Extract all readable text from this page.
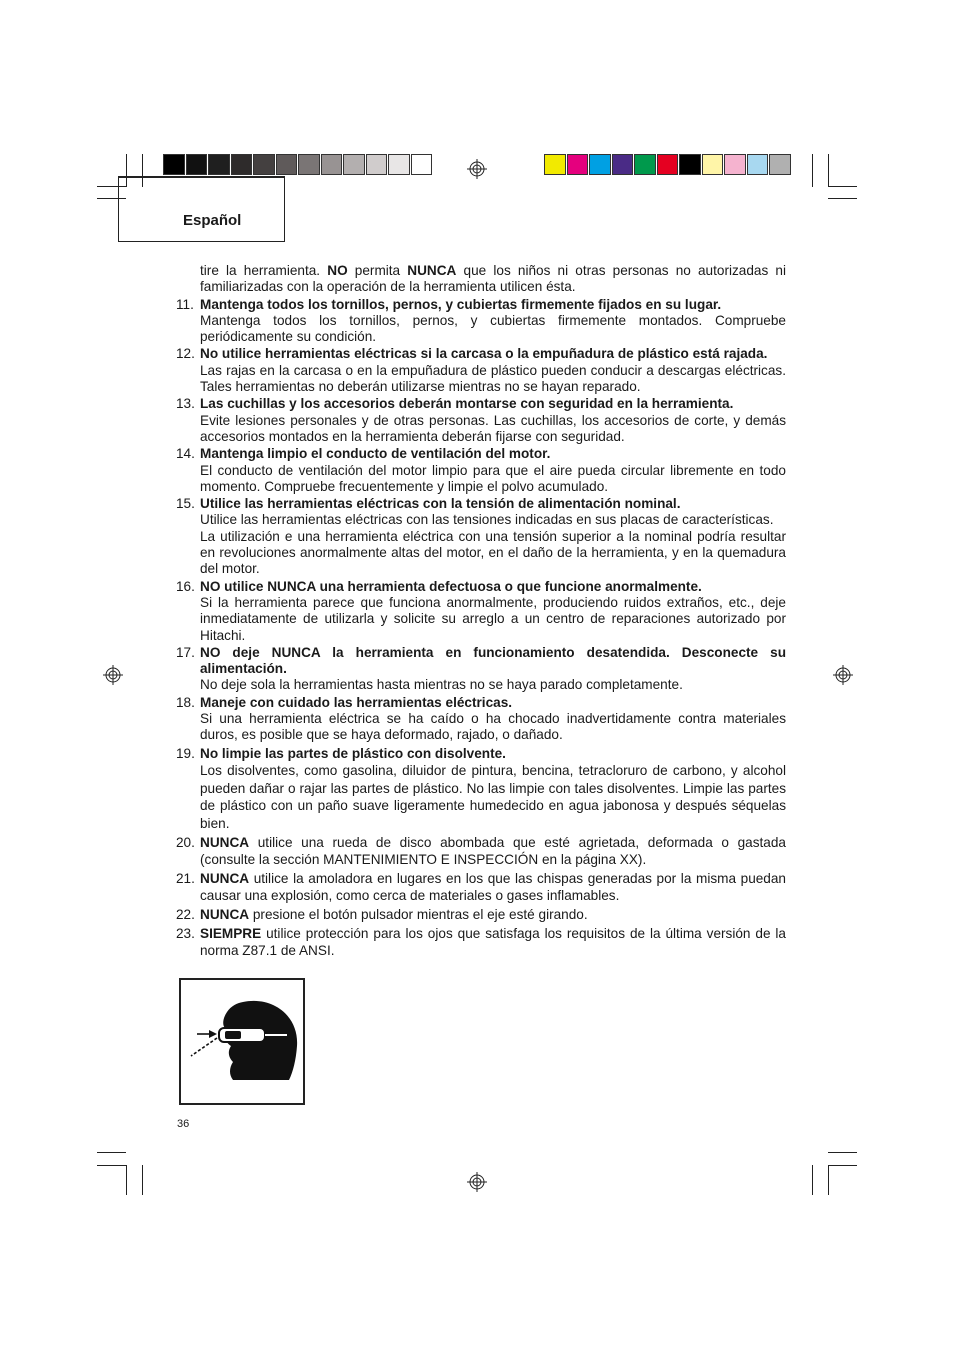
Español
tire la herramienta. NO permita NUNCA que los niños ni otras personas no autorizadas ni familiarizadas con la operación de la herramienta utilicen ésta.
11. Mantenga todos los tornillos, pernos, y cubiertas firmemente fijados en su lugar.
Mantenga todos los tornillos, pernos, y cubiertas firmemente montados. Compruebe periódicamente su condición.
12. No utilice herramientas eléctricas si la carcasa o la empuñadura de plástico está rajada.
Las rajas en la carcasa o en la empuñadura de plástico pueden conducir a descargas eléctricas. Tales herramientas no deberán utilizarse mientras no se hayan reparado.
13. Las cuchillas y los accesorios deberán montarse con seguridad en la herramienta.
Evite lesiones personales y de otras personas. Las cuchillas, los accesorios de corte, y demás accesorios montados en la herramienta deberán fijarse con seguridad.
14. Mantenga limpio el conducto de ventilación del motor.
El conducto de ventilación del motor limpio para que el aire pueda circular libremente en todo momento. Compruebe frecuentemente y limpie el polvo acumulado.
15. Utilice las herramientas eléctricas con la tensión de alimentación nominal.
Utilice las herramientas eléctricas con las tensiones indicadas en sus placas de características.
La utilización e una herramienta eléctrica con una tensión superior a la nominal podría resultar en revoluciones anormalmente altas del motor, en el daño de la herramienta, y en la quemadura del motor.
16. NO utilice NUNCA una herramienta defectuosa o que funcione anormalmente.
Si la herramienta parece que funciona anormalmente, produciendo ruidos extraños, etc., deje inmediatamente de utilizarla y solicite su arreglo a un centro de reparaciones autorizado por Hitachi.
17. NO deje NUNCA la herramienta en funcionamiento desatendida. Desconecte su alimentación.
No deje sola la herramientas hasta mientras no se haya parado completamente.
18. Maneje con cuidado las herramientas eléctricas.
Si una herramienta eléctrica se ha caído o ha chocado inadvertidamente contra materiales duros, es posible que se haya deformado, rajado, o dañado.
19. No limpie las partes de plástico con disolvente.
Los disolventes, como gasolina, diluidor de pintura, bencina, tetracloruro de carbono, y alcohol pueden dañar o rajar las partes de plástico. No las limpie con tales disolventes. Limpie las partes de plástico con un paño suave ligeramente humedecido en agua jabonosa y después séquelas bien.
20. NUNCA utilice una rueda de disco abombada que esté agrietada, deformada o gastada (consulte la sección MANTENIMIENTO E INSPECCIÓN en la página XX).
21. NUNCA utilice la amoladora en lugares en los que las chispas generadas por la misma puedan causar una explosión, como cerca de materiales o gases inflamables.
22. NUNCA presione el botón pulsador mientras el eje esté girando.
23. SIEMPRE utilice protección para los ojos que satisfaga los requisitos de la última versión de la norma Z87.1 de ANSI.
36
